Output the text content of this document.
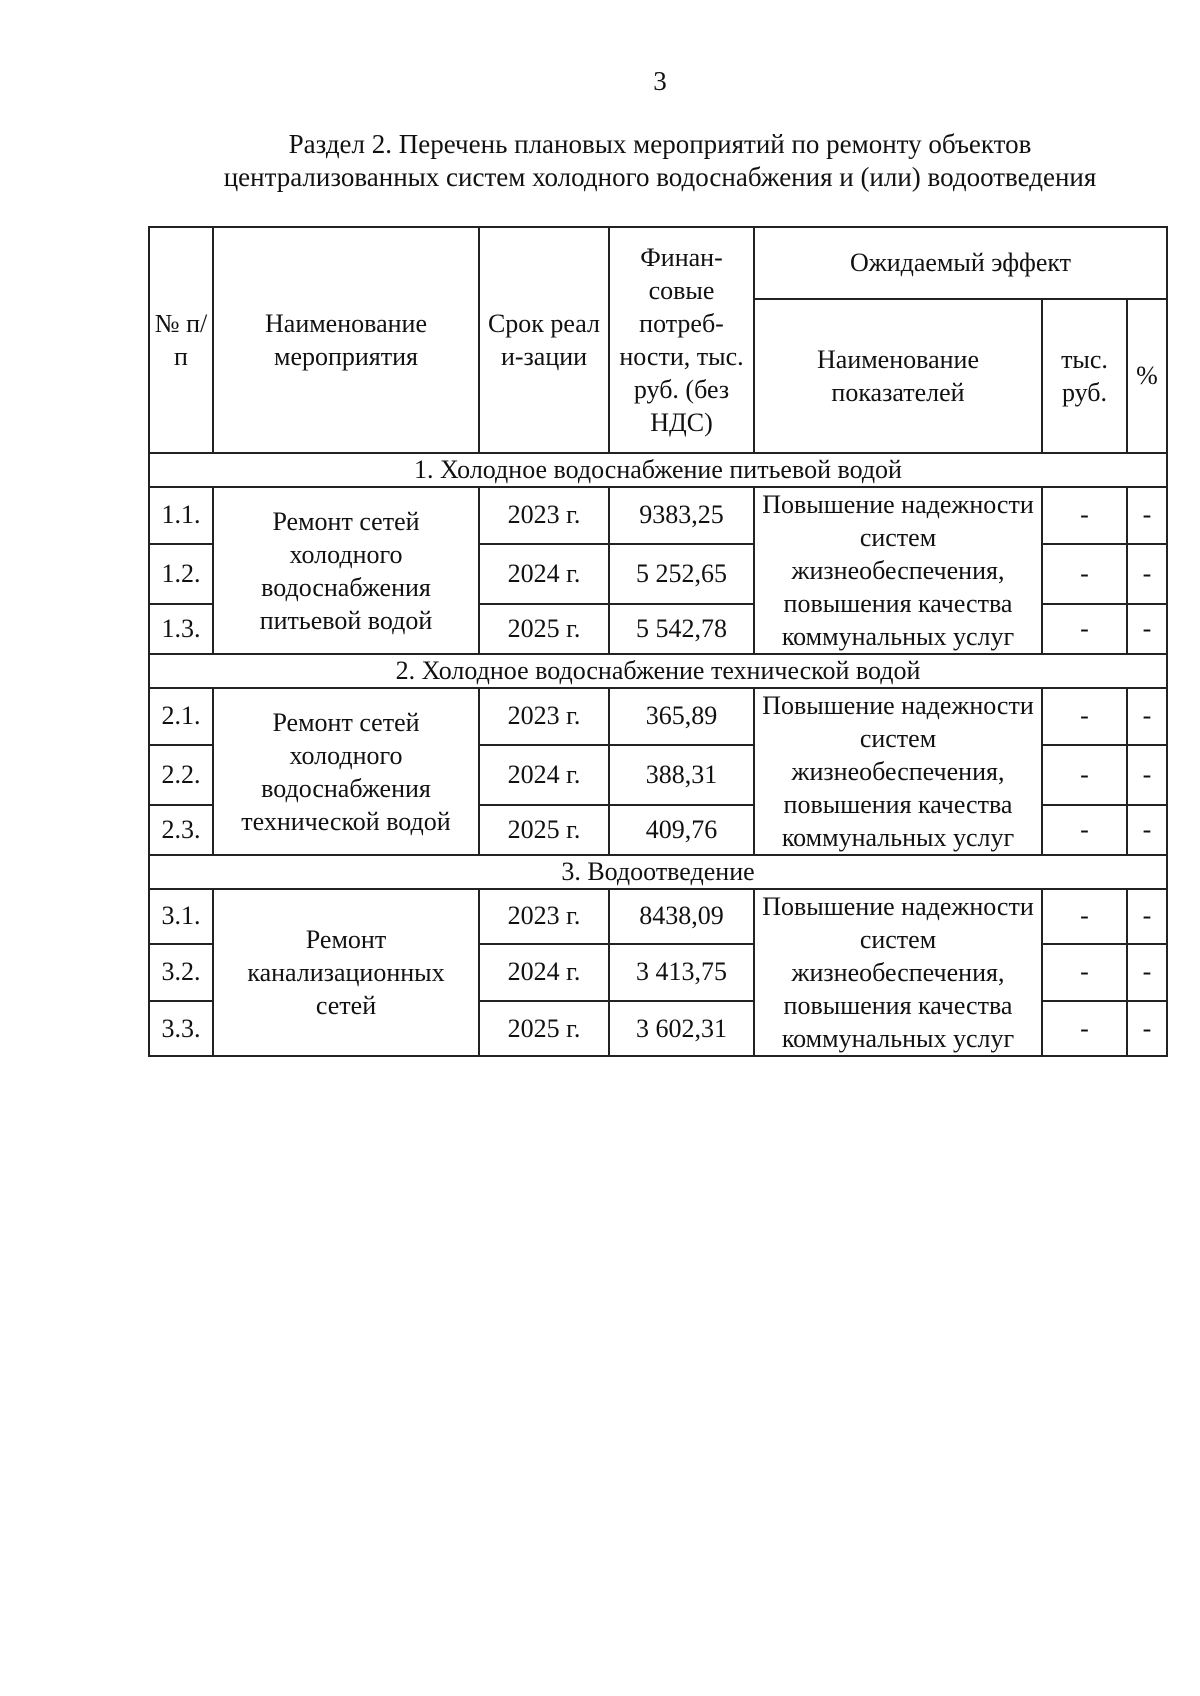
3
Раздел 2. Перечень плановых мероприятий по ремонту объектов
централизованных систем холодного водоснабжения и (или) водоотведения
№ п/п	Наименование мероприятия	Срок реали-зации	Финан-совые потреб-ности, тыс. руб. (без НДС)	Ожидаемый эффект		
				Наименование показателей	тыс. руб.	%
1. Холодное водоснабжение питьевой водой						
1.1.	Ремонт сетей холодного водоснабжения питьевой водой	2023 г.	9383,25	Повышение надежности систем жизнеобеспечения, повышения качества коммунальных услуг	-	-
1.2.		2024 г.	5 252,65		-	-
1.3.		2025 г.	5 542,78		-	-
2. Холодное водоснабжение технической водой						
2.1.	Ремонт сетей холодного водоснабжения технической водой	2023 г.	365,89	Повышение надежности систем жизнеобеспечения, повышения качества коммунальных услуг	-	-
2.2.		2024 г.	388,31		-	-
2.3.		2025 г.	409,76		-	-
3. Водоотведение						
3.1.	Ремонт канализационных сетей	2023 г.	8438,09	Повышение надежности систем жизнеобеспечения, повышения качества коммунальных услуг	-	-
3.2.		2024 г.	3 413,75		-	-
3.3.		2025 г.	3 602,31		-	-
